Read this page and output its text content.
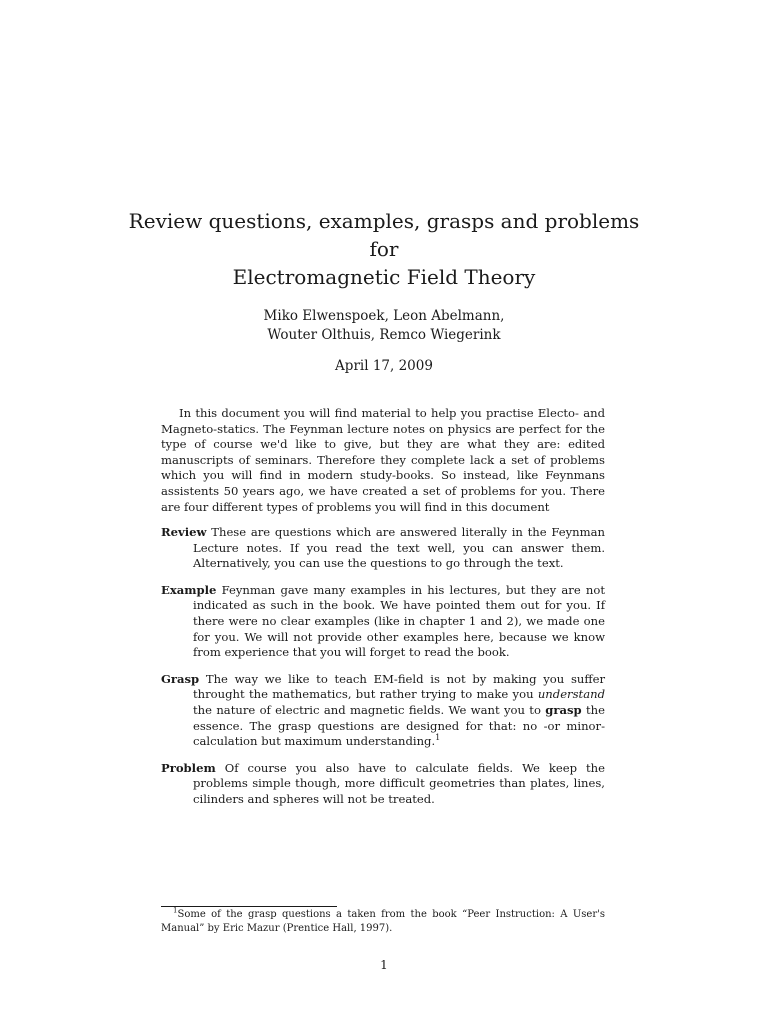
Review questions, examples, grasps and problems
for
Electromagnetic Field Theory
Miko Elwenspoek, Leon Abelmann,
Wouter Olthuis, Remco Wiegerink
April 17, 2009

In this document you will find material to help you practise Electo- and Magneto-statics. The Feynman lecture notes on physics are perfect for the type of course we'd like to give, but they are what they are: edited manuscripts of seminars. Therefore they complete lack a set of problems which you will find in modern study-books. So instead, like Feynmans assistents 50 years ago, we have created a set of problems for you. There are four different types of problems you will find in this document

Review These are questions which are answered literally in the Feynman Lecture notes. If you read the text well, you can answer them. Alternatively, you can use the questions to go through the text.
Example Feynman gave many examples in his lectures, but they are not indicated as such in the book. We have pointed them out for you. If there were no clear examples (like in chapter 1 and 2), we made one for you. We will not provide other examples here, because we know from experience that you will forget to read the book.
Grasp The way we like to teach EM-field is not by making you suffer throught the mathematics, but rather trying to make you understand the nature of electric and magnetic fields. We want you to grasp the essence. The grasp questions are designed for that: no -or minor- calculation but maximum understanding.$^1$
Problem Of course you also have to calculate fields. We keep the problems simple though, more difficult geometries than plates, lines, cilinders and spheres will not be treated.
$^1$Some of the grasp questions a taken from the book “Peer Instruction: A User's Manual” by Eric Mazur (Prentice Hall, 1997).
1
